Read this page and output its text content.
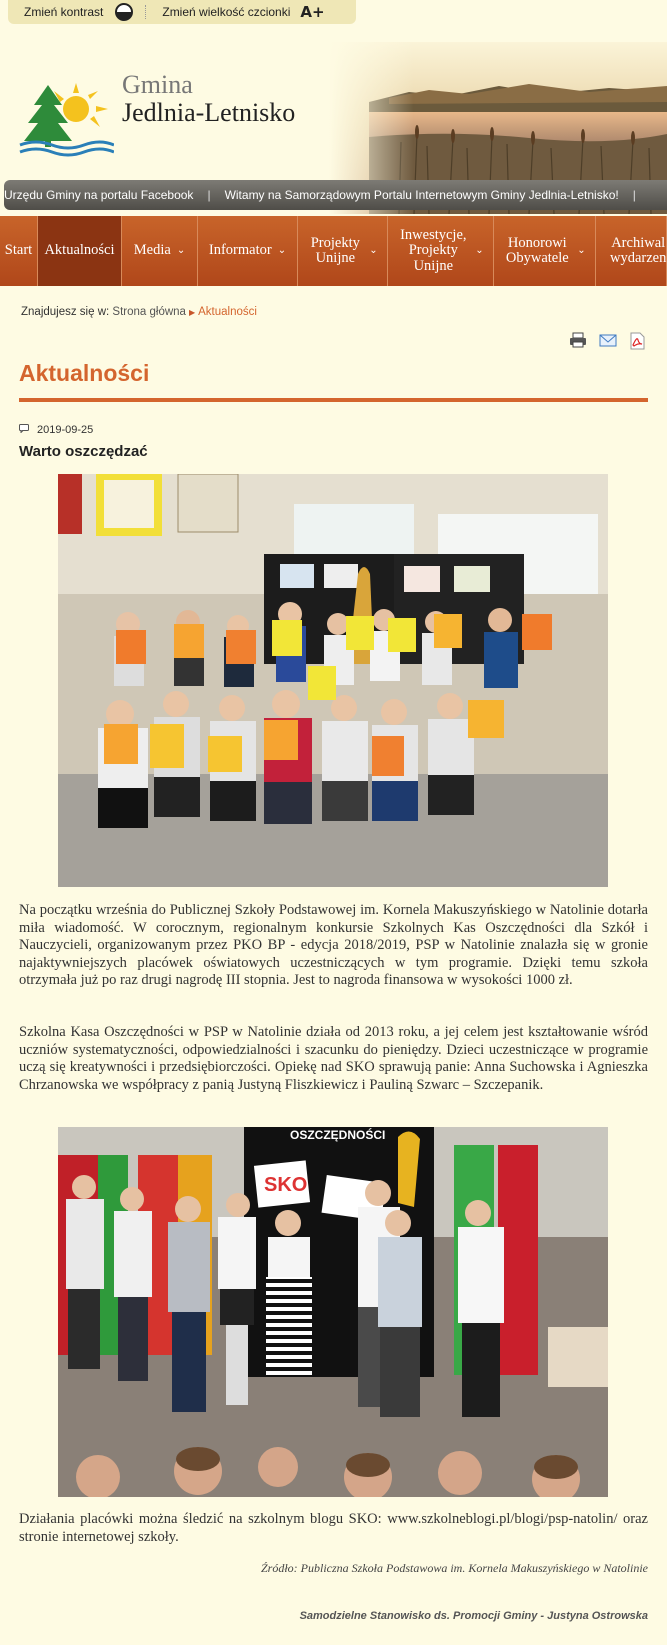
Zmień kontrast	Zmień wielkość czcionki A+
Gmina
Jedlnia-Letnisko
Urzędu Gminy na portalu Facebook	|	Witamy na Samorządowym Portalu Internetowym Gminy Jedlnia-Letnisko!	|
Start Aktualności Media ⌄ Informator ⌄ Projekty Unijne	⌄
Inwestycje, Projekty Unijne
⌄	Honorowi Obywatele ⌄ Archiwal wydarzen
Znajdujesz się w: Strona główna ▶ Aktualności
Aktualności
2019-09-25
Warto oszczędzać

Na początku września do Publicznej Szkoły Podstawowej im. Kornela Makuszyńskiego w Natolinie dotarła miła wiadomość. W corocznym, regionalnym konkursie Szkolnych Kas Oszczędności dla Szkół i Nauczycieli, organizowanym przez PKO BP - edycja 2018/2019, PSP w Natolinie znalazła się w gronie najaktywniejszych placówek oświatowych uczestniczących w tym programie. Dzięki temu szkoła otrzymała już po raz drugi nagrodę III stopnia. Jest to nagroda finansowa w wysokości 1000 zł.

Szkolna Kasa Oszczędności w PSP w Natolinie działa od 2013 roku, a jej celem jest kształtowanie wśród uczniów systematyczności, odpowiedzialności i szacunku do pieniędzy. Dzieci uczestniczące w programie uczą się kreatywności i przedsiębiorczości. Opiekę nad SKO sprawują panie: Anna Suchowska i Agnieszka Chrzanowska we współpracy z panią Justyną Fliszkiewicz i Pauliną Szwarc – Szczepanik.

OSZCZĘDNOŚCI
SKO

Działania placówki można śledzić na szkolnym blogu SKO: www.szkolneblogi.pl/blogi/psp-natolin/ oraz stronie internetowej szkoły.

Źródło: Publiczna Szkoła Podstawowa im. Kornela Makuszyńskiego w Natolinie
Samodzielne Stanowisko ds. Promocji Gminy - Justyna Ostrowska
